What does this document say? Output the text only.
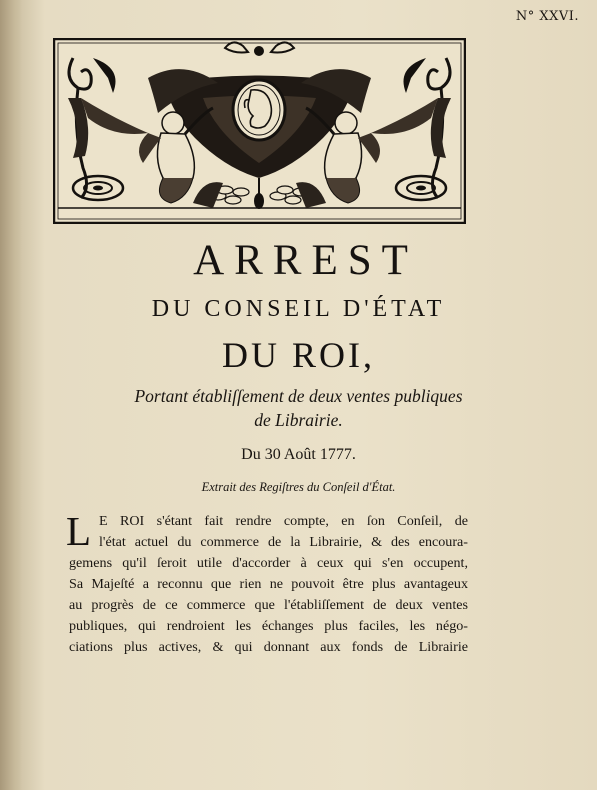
N° XXVI.
ARREST
DU CONSEIL D'ÉTAT
DU ROI,
Portant établiſſement de deux ventes publiques
de Librairie.
Du 30 Août 1777.
Extrait des Regiſtres du Conſeil d'État.
L E ROI s'étant fait rendre compte, en ſon Conſeil, de
l'état actuel du commerce de la Librairie, & des encoura-
gemens qu'il ſeroit utile d'accorder à ceux qui s'en occupent,
Sa Majeſté a reconnu que rien ne pouvoit être plus avantageux
au progrès de ce commerce que l'établiſſement de deux ventes
publiques, qui rendroient les échanges plus faciles, les négo-
ciations plus actives, & qui donnant aux fonds de Librairie
